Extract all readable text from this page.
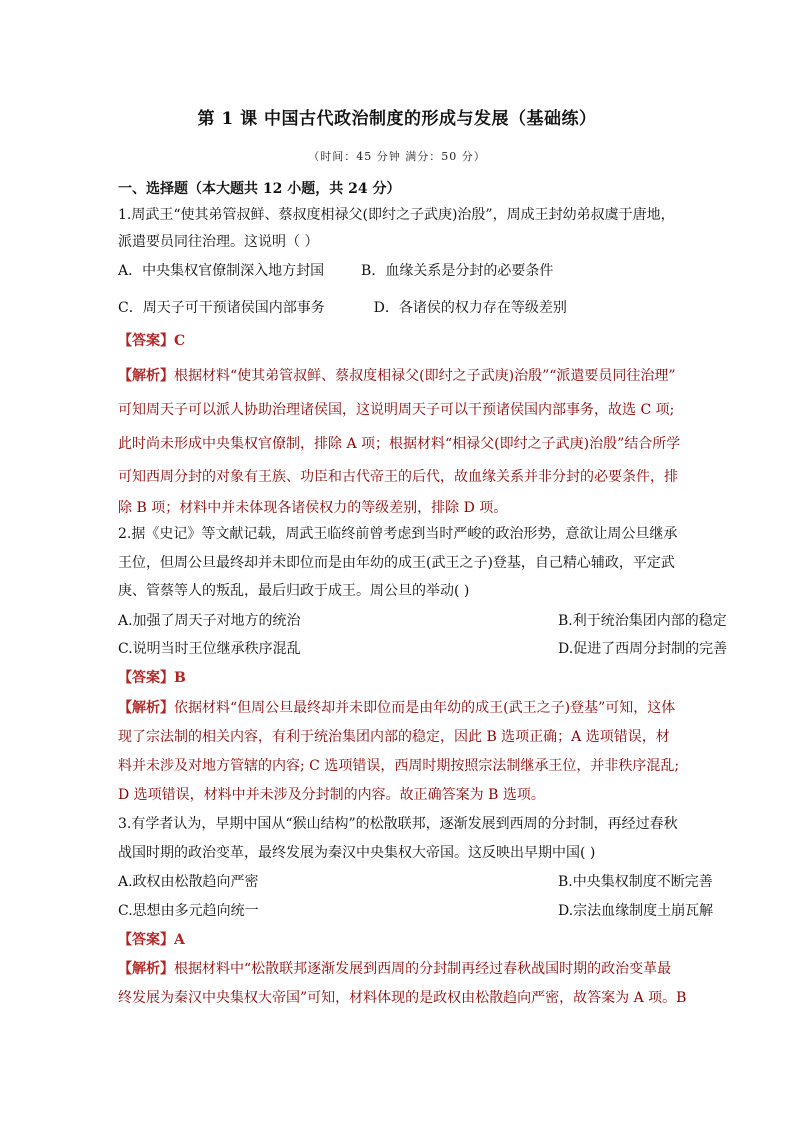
第 1 课 中国古代政治制度的形成与发展（基础练）
（时间：45 分钟 满分：50 分）
一、选择题（本大题共 12 小题，共 24 分）
1.周武王“使其弟管叔鲜、蔡叔度相禄父(即纣之子武庚)治殷”，周成王封幼弟叔虞于唐地，
派遣要员同往治理。这说明（ ）
A．中央集权官僚制深入地方封国	B．血缘关系是分封的必要条件
C．周天子可干预诸侯国内部事务	D．各诸侯的权力存在等级差别
【答案】C
【解析】根据材料“使其弟管叔鲜、蔡叔度相禄父(即纣之子武庚)治殷”“派遣要员同往治理”
可知周天子可以派人协助治理诸侯国，这说明周天子可以干预诸侯国内部事务，故选 C 项;
此时尚未形成中央集权官僚制，排除 A 项；根据材料“相禄父(即纣之子武庚)治殷”结合所学
可知西周分封的对象有王族、功臣和古代帝王的后代，故血缘关系并非分封的必要条件，排
除 B 项；材料中并未体现各诸侯权力的等级差别，排除 D 项。
2.据《史记》等文献记载，周武王临终前曾考虑到当时严峻的政治形势，意欲让周公旦继承
王位，但周公旦最终却并未即位而是由年幼的成王(武王之子)登基，自己精心辅政，平定武
庚、管蔡等人的叛乱，最后归政于成王。周公旦的举动( )
A.加强了周天子对地方的统治	B.利于统治集团内部的稳定
C.说明当时王位继承秩序混乱	D.促进了西周分封制的完善
【答案】B
【解析】依据材料“但周公旦最终却并未即位而是由年幼的成王(武王之子)登基”可知，这体
现了宗法制的相关内容，有利于统治集团内部的稳定，因此 B 选项正确；A 选项错误，材
料并未涉及对地方管辖的内容; C 选项错误，西周时期按照宗法制继承王位，并非秩序混乱;
D 选项错误，材料中并未涉及分封制的内容。故正确答案为 B 选项。
3.有学者认为，早期中国从“猴山结构”的松散联邦，逐渐发展到西周的分封制，再经过春秋
战国时期的政治变革，最终发展为秦汉中央集权大帝国。这反映出早期中国( )
A.政权由松散趋向严密	B.中央集权制度不断完善
C.思想由多元趋向统一	D.宗法血缘制度土崩瓦解
【答案】A
【解析】根据材料中“松散联邦逐渐发展到西周的分封制再经过春秋战国时期的政治变革最
终发展为秦汉中央集权大帝国”可知，材料体现的是政权由松散趋向严密，故答案为 A 项。B
